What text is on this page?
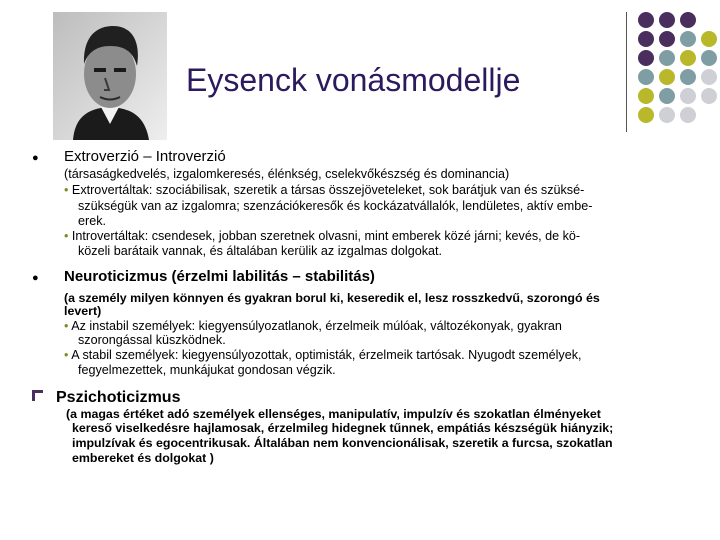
Eysenck vonásmodellje
● Extroverzió – Introverzió
(társaságkedvelés, izgalomkeresés, élénkség, cselekvőkészség és dominancia)
• Extrovertáltak: szociábilisak, szeretik a társas összejöveteleket, sok barátjuk van és szüksé-
szükségük van az izgalomra; szenzációkeresők és kockázatvállalók, lendületes, aktív embe-
erek.
• Introvertáltak: csendesek, jobban szeretnek olvasni, mint emberek közé járni; kevés, de kö-
közeli barátaik vannak, és általában kerülik az izgalmas dolgokat.
● Neuroticizmus (érzelmi labilitás – stabilitás)
(a személy milyen könnyen és gyakran borul ki, keseredik el, lesz rosszkedvű, szorongó és
levert)
• Az instabil személyek: kiegyensúlyozatlanok, érzelmeik múlóak, változékonyak, gyakran
szorongással küszködnek.
• A stabil személyek: kiegyensúlyozottak, optimisták, érzelmeik tartósak. Nyugodt személyek,
fegyelmezettek, munkájukat gondosan végzik.
Pszichoticizmus
(a magas értéket adó személyek ellenséges, manipulatív, impulzív és szokatlan élményeket
kereső viselkedésre hajlamosak, érzelmileg hidegnek tűnnek, empátiás készségük hiányzik;
impulzívak és egocentrikusak. Általában nem konvencionálisak, szeretik a furcsa, szokatlan
embereket és dolgokat )
